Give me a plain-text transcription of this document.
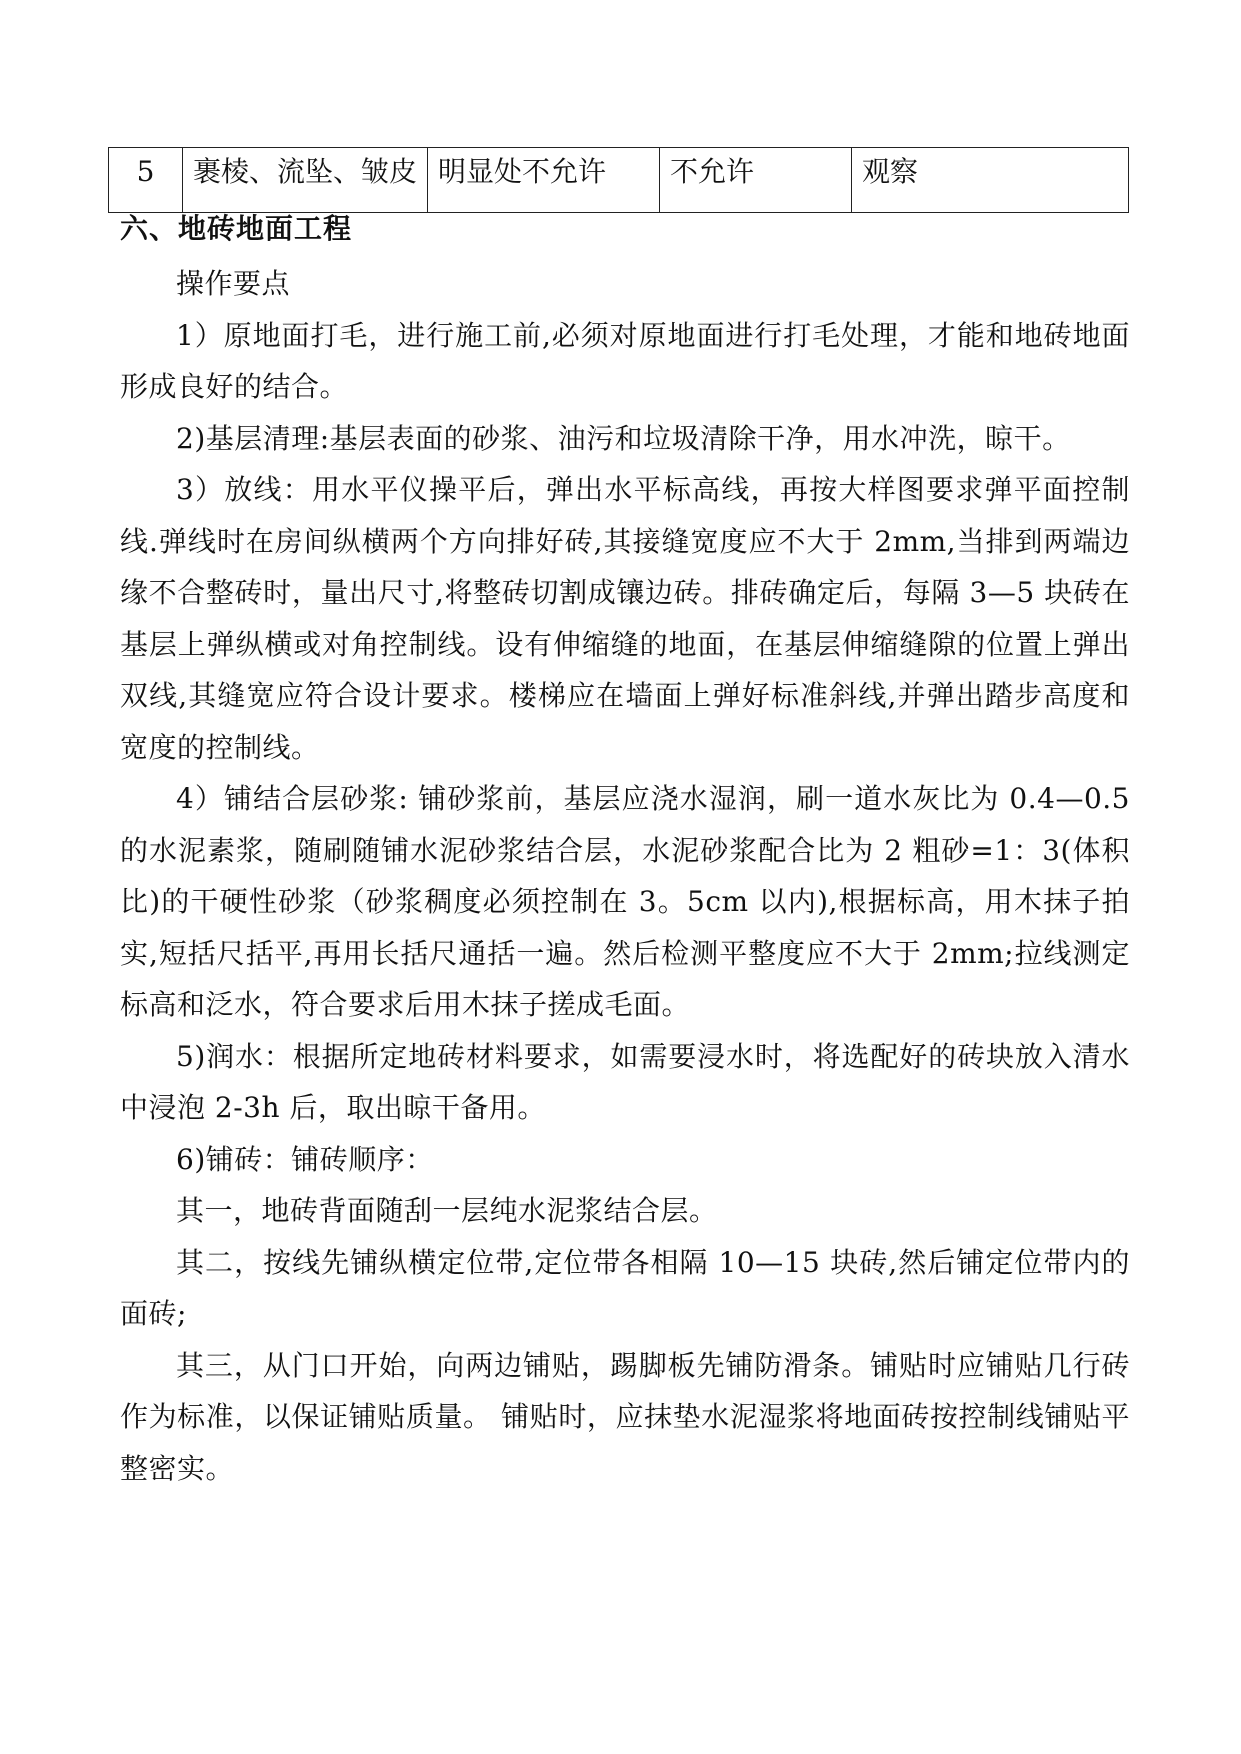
5	裹棱、流坠、皱皮	明显处不允许	不允许	观察
六、地砖地面工程

操作要点

1）原地面打毛，进行施工前,必须对原地面进行打毛处理，才能和地砖地面形成良好的结合。

2)基层清理:基层表面的砂浆、油污和垃圾清除干净，用水冲洗，晾干。

3）放线：用水平仪操平后，弹出水平标高线，再按大样图要求弹平面控制线.弹线时在房间纵横两个方向排好砖,其接缝宽度应不大于 2mm,当排到两端边缘不合整砖时，量出尺寸,将整砖切割成镶边砖。排砖确定后，每隔 3—5 块砖在基层上弹纵横或对角控制线。设有伸缩缝的地面，在基层伸缩缝隙的位置上弹出双线,其缝宽应符合设计要求。楼梯应在墙面上弹好标准斜线,并弹出踏步高度和宽度的控制线。

4）铺结合层砂浆: 铺砂浆前，基层应浇水湿润，刷一道水灰比为 0.4—0.5 的水泥素浆，随刷随铺水泥砂浆结合层，水泥砂浆配合比为 2 粗砂=1：3(体积比)的干硬性砂浆（砂浆稠度必须控制在 3。5cm 以内),根据标高，用木抹子拍实,短括尺括平,再用长括尺通括一遍。然后检测平整度应不大于 2mm;拉线测定标高和泛水，符合要求后用木抹子搓成毛面。

5)润水：根据所定地砖材料要求，如需要浸水时，将选配好的砖块放入清水中浸泡 2-3h 后，取出晾干备用。

6)铺砖：铺砖顺序：

其一，地砖背面随刮一层纯水泥浆结合层。

其二，按线先铺纵横定位带,定位带各相隔 10—15 块砖,然后铺定位带内的面砖;

其三，从门口开始，向两边铺贴，踢脚板先铺防滑条。铺贴时应铺贴几行砖作为标准，以保证铺贴质量。 铺贴时，应抹垫水泥湿浆将地面砖按控制线铺贴平整密实。
